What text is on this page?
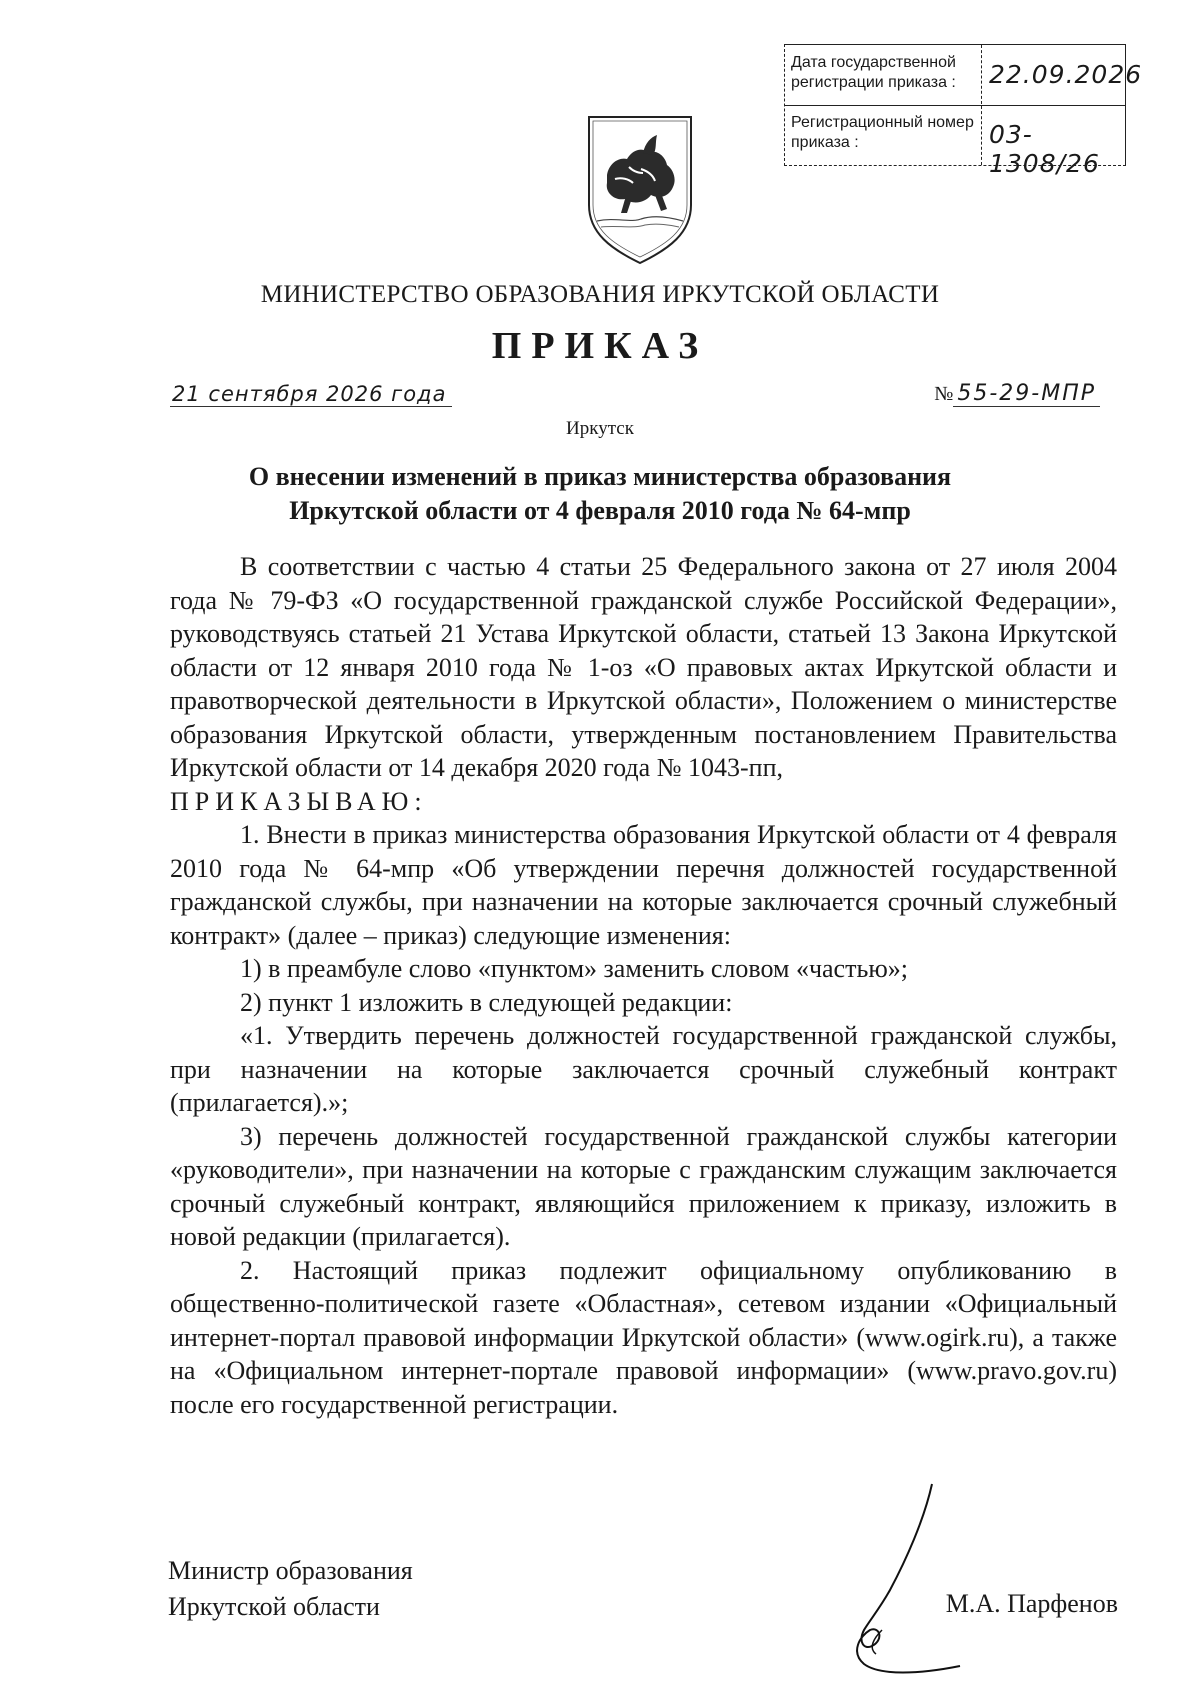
Дата государственной регистрации приказа :	22.09.2026
Регистрационный номер приказа :	03-1308/26
МИНИСТЕРСТВО ОБРАЗОВАНИЯ ИРКУТСКОЙ ОБЛАСТИ
ПРИКАЗ
21 сентября 2026 года	№ 55-29-МПР
Иркутск
О внесении изменений в приказ министерства образования
Иркутской области от 4 февраля 2010 года № 64-мпр

В соответствии с частью 4 статьи 25 Федерального закона от 27 июля 2004 года № 79-ФЗ «О государственной гражданской службе Российской Федерации», руководствуясь статьей 21 Устава Иркутской области, статьей 13 Закона Иркутской области от 12 января 2010 года № 1-оз «О правовых актах Иркутской области и правотворческой деятельности в Иркутской области», Положением о министерстве образования Иркутской области, утвержденным постановлением Правительства Иркутской области от 14 декабря 2020 года № 1043-пп,

ПРИКАЗЫВАЮ:

1. Внести в приказ министерства образования Иркутской области от 4 февраля 2010 года № 64-мпр «Об утверждении перечня должностей государственной гражданской службы, при назначении на которые заключается срочный служебный контракт» (далее – приказ) следующие изменения:

1) в преамбуле слово «пунктом» заменить словом «частью»;

2) пункт 1 изложить в следующей редакции:

«1. Утвердить перечень должностей государственной гражданской службы, при назначении на которые заключается срочный служебный контракт (прилагается).»;

3) перечень должностей государственной гражданской службы категории «руководители», при назначении на которые с гражданским служащим заключается срочный служебный контракт, являющийся приложением к приказу, изложить в новой редакции (прилагается).

2. Настоящий приказ подлежит официальному опубликованию в общественно-политической газете «Областная», сетевом издании «Официальный интернет-портал правовой информации Иркутской области» (www.ogirk.ru), а также на «Официальном интернет-портале правовой информации» (www.pravo.gov.ru) после его государственной регистрации.

Министр образования
Иркутской области	М.А. Парфенов
